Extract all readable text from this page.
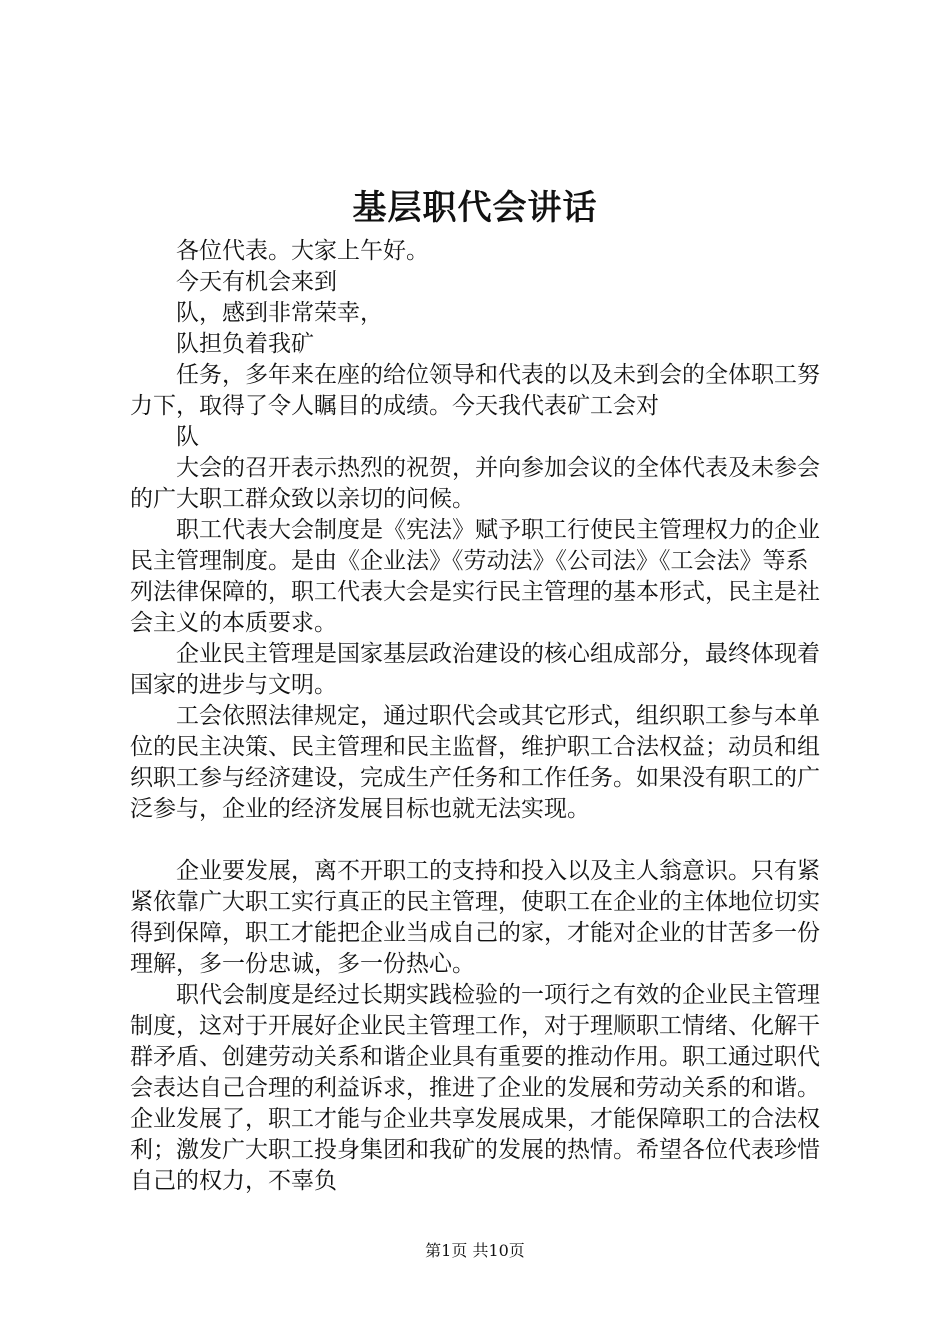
基层职代会讲话
各位代表。大家上午好。
今天有机会来到
队，感到非常荣幸，
队担负着我矿

任务，多年来在座的给位领导和代表的以及未到会的全体职工努力下，取得了令人瞩目的成绩。今天我代表矿工会对

队

大会的召开表示热烈的祝贺，并向参加会议的全体代表及未参会的广大职工群众致以亲切的问候。

职工代表大会制度是《宪法》赋予职工行使民主管理权力的企业民主管理制度。是由《企业法》《劳动法》《公司法》《工会法》等系列法律保障的，职工代表大会是实行民主管理的基本形式，民主是社会主义的本质要求。

企业民主管理是国家基层政治建设的核心组成部分，最终体现着国家的进步与文明。

工会依照法律规定，通过职代会或其它形式，组织职工参与本单位的民主决策、民主管理和民主监督，维护职工合法权益；动员和组织职工参与经济建设，完成生产任务和工作任务。如果没有职工的广泛参与，企业的经济发展目标也就无法实现。

企业要发展，离不开职工的支持和投入以及主人翁意识。只有紧紧依靠广大职工实行真正的民主管理，使职工在企业的主体地位切实得到保障，职工才能把企业当成自己的家，才能对企业的甘苦多一份理解，多一份忠诚，多一份热心。

职代会制度是经过长期实践检验的一项行之有效的企业民主管理制度，这对于开展好企业民主管理工作，对于理顺职工情绪、化解干群矛盾、创建劳动关系和谐企业具有重要的推动作用。职工通过职代会表达自己合理的利益诉求，推进了企业的发展和劳动关系的和谐。企业发展了，职工才能与企业共享发展成果，才能保障职工的合法权利；激发广大职工投身集团和我矿的发展的热情。希望各位代表珍惜自己的权力，不辜负

第1页 共10页
